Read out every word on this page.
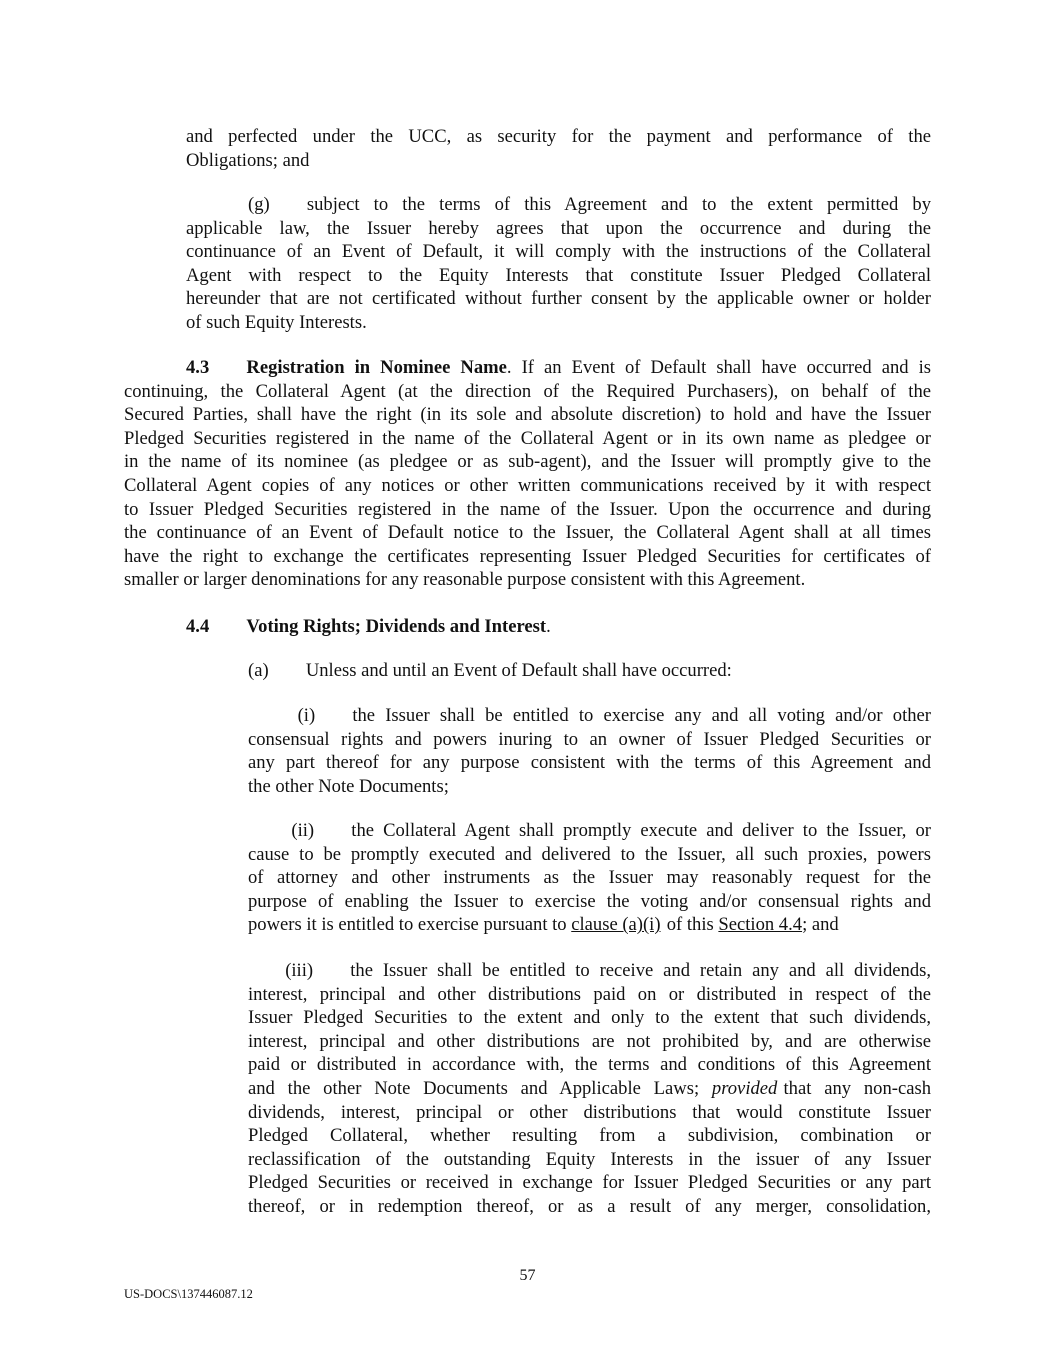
and perfected under the UCC, as security for the payment and performance of the
Obligations; and
(g)  subject to the terms of this Agreement and to the extent permitted by
applicable law, the Issuer hereby agrees that upon the occurrence and during the
continuance of an Event of Default, it will comply with the instructions of the Collateral
Agent with respect to the Equity Interests that constitute Issuer Pledged Collateral
hereunder that are not certificated without further consent by the applicable owner or holder
of such Equity Interests.
4.3  Registration in Nominee Name. If an Event of Default shall have occurred and is
continuing, the Collateral Agent (at the direction of the Required Purchasers), on behalf of the
Secured Parties, shall have the right (in its sole and absolute discretion) to hold and have the Issuer
Pledged Securities registered in the name of the Collateral Agent or in its own name as pledgee or
in the name of its nominee (as pledgee or as sub-agent), and the Issuer will promptly give to the
Collateral Agent copies of any notices or other written communications received by it with respect
to Issuer Pledged Securities registered in the name of the Issuer. Upon the occurrence and during
the continuance of an Event of Default notice to the Issuer, the Collateral Agent shall at all times
have the right to exchange the certificates representing Issuer Pledged Securities for certificates of
smaller or larger denominations for any reasonable purpose consistent with this Agreement.
4.4  Voting Rights; Dividends and Interest.
(a)  Unless and until an Event of Default shall have occurred:
(i)  the Issuer shall be entitled to exercise any and all voting and/or other
consensual rights and powers inuring to an owner of Issuer Pledged Securities or
any part thereof for any purpose consistent with the terms of this Agreement and
the other Note Documents;
(ii)  the Collateral Agent shall promptly execute and deliver to the Issuer, or
cause to be promptly executed and delivered to the Issuer, all such proxies, powers
of attorney and other instruments as the Issuer may reasonably request for the
purpose of enabling the Issuer to exercise the voting and/or consensual rights and
powers it is entitled to exercise pursuant to clause (a)(i) of this Section 4.4; and
(iii)  the Issuer shall be entitled to receive and retain any and all dividends,
interest, principal and other distributions paid on or distributed in respect of the
Issuer Pledged Securities to the extent and only to the extent that such dividends,
interest, principal and other distributions are not prohibited by, and are otherwise
paid or distributed in accordance with, the terms and conditions of this Agreement
and the other Note Documents and Applicable Laws; provided that any non-cash
dividends, interest, principal or other distributions that would constitute Issuer
Pledged Collateral, whether resulting from a subdivision, combination or
reclassification of the outstanding Equity Interests in the issuer of any Issuer
Pledged Securities or received in exchange for Issuer Pledged Securities or any part
thereof, or in redemption thereof, or as a result of any merger, consolidation,
57
US-DOCS\137446087.12
